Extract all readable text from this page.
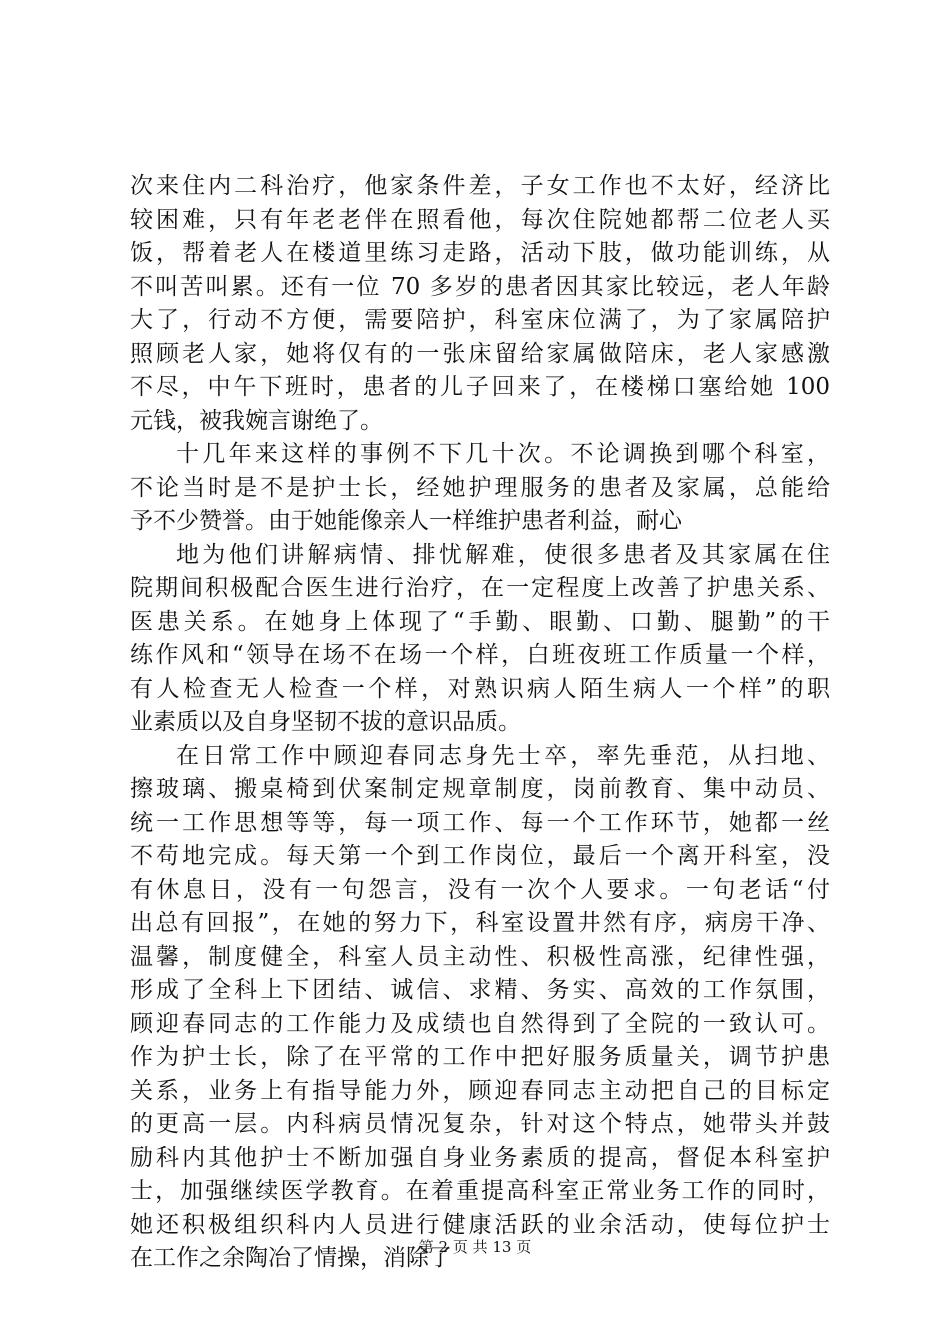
次来住内二科治疗，他家条件差，子女工作也不太好，经济比
较困难，只有年老老伴在照看他，每次住院她都帮二位老人买
饭，帮着老人在楼道里练习走路，活动下肢，做功能训练，从
不叫苦叫累。还有一位 70 多岁的患者因其家比较远，老人年龄
大了，行动不方便，需要陪护，科室床位满了，为了家属陪护
照顾老人家，她将仅有的一张床留给家属做陪床，老人家感激
不尽，中午下班时，患者的儿子回来了，在楼梯口塞给她 100
元钱，被我婉言谢绝了。
十几年来这样的事例不下几十次。不论调换到哪个科室，
不论当时是不是护士长，经她护理服务的患者及家属，总能给
予不少赞誉。由于她能像亲人一样维护患者利益，耐心
地为他们讲解病情、排忧解难，使很多患者及其家属在住
院期间积极配合医生进行治疗，在一定程度上改善了护患关系、
医患关系。在她身上体现了“手勤、眼勤、口勤、腿勤”的干
练作风和“领导在场不在场一个样，白班夜班工作质量一个样，
有人检查无人检查一个样，对熟识病人陌生病人一个样”的职
业素质以及自身坚韧不拔的意识品质。
在日常工作中顾迎春同志身先士卒，率先垂范，从扫地、
擦玻璃、搬桌椅到伏案制定规章制度，岗前教育、集中动员、
统一工作思想等等，每一项工作、每一个工作环节，她都一丝
不苟地完成。每天第一个到工作岗位，最后一个离开科室，没
有休息日，没有一句怨言，没有一次个人要求。一句老话“付
出总有回报”，在她的努力下，科室设置井然有序，病房干净、
温馨，制度健全，科室人员主动性、积极性高涨，纪律性强，
形成了全科上下团结、诚信、求精、务实、高效的工作氛围，
顾迎春同志的工作能力及成绩也自然得到了全院的一致认可。
作为护士长，除了在平常的工作中把好服务质量关，调节护患
关系，业务上有指导能力外，顾迎春同志主动把自己的目标定
的更高一层。内科病员情况复杂，针对这个特点，她带头并鼓
励科内其他护士不断加强自身业务素质的提高，督促本科室护
士，加强继续医学教育。在着重提高科室正常业务工作的同时，
她还积极组织科内人员进行健康活跃的业余活动，使每位护士
在工作之余陶冶了情操，消除了
第 2 页 共 13 页
